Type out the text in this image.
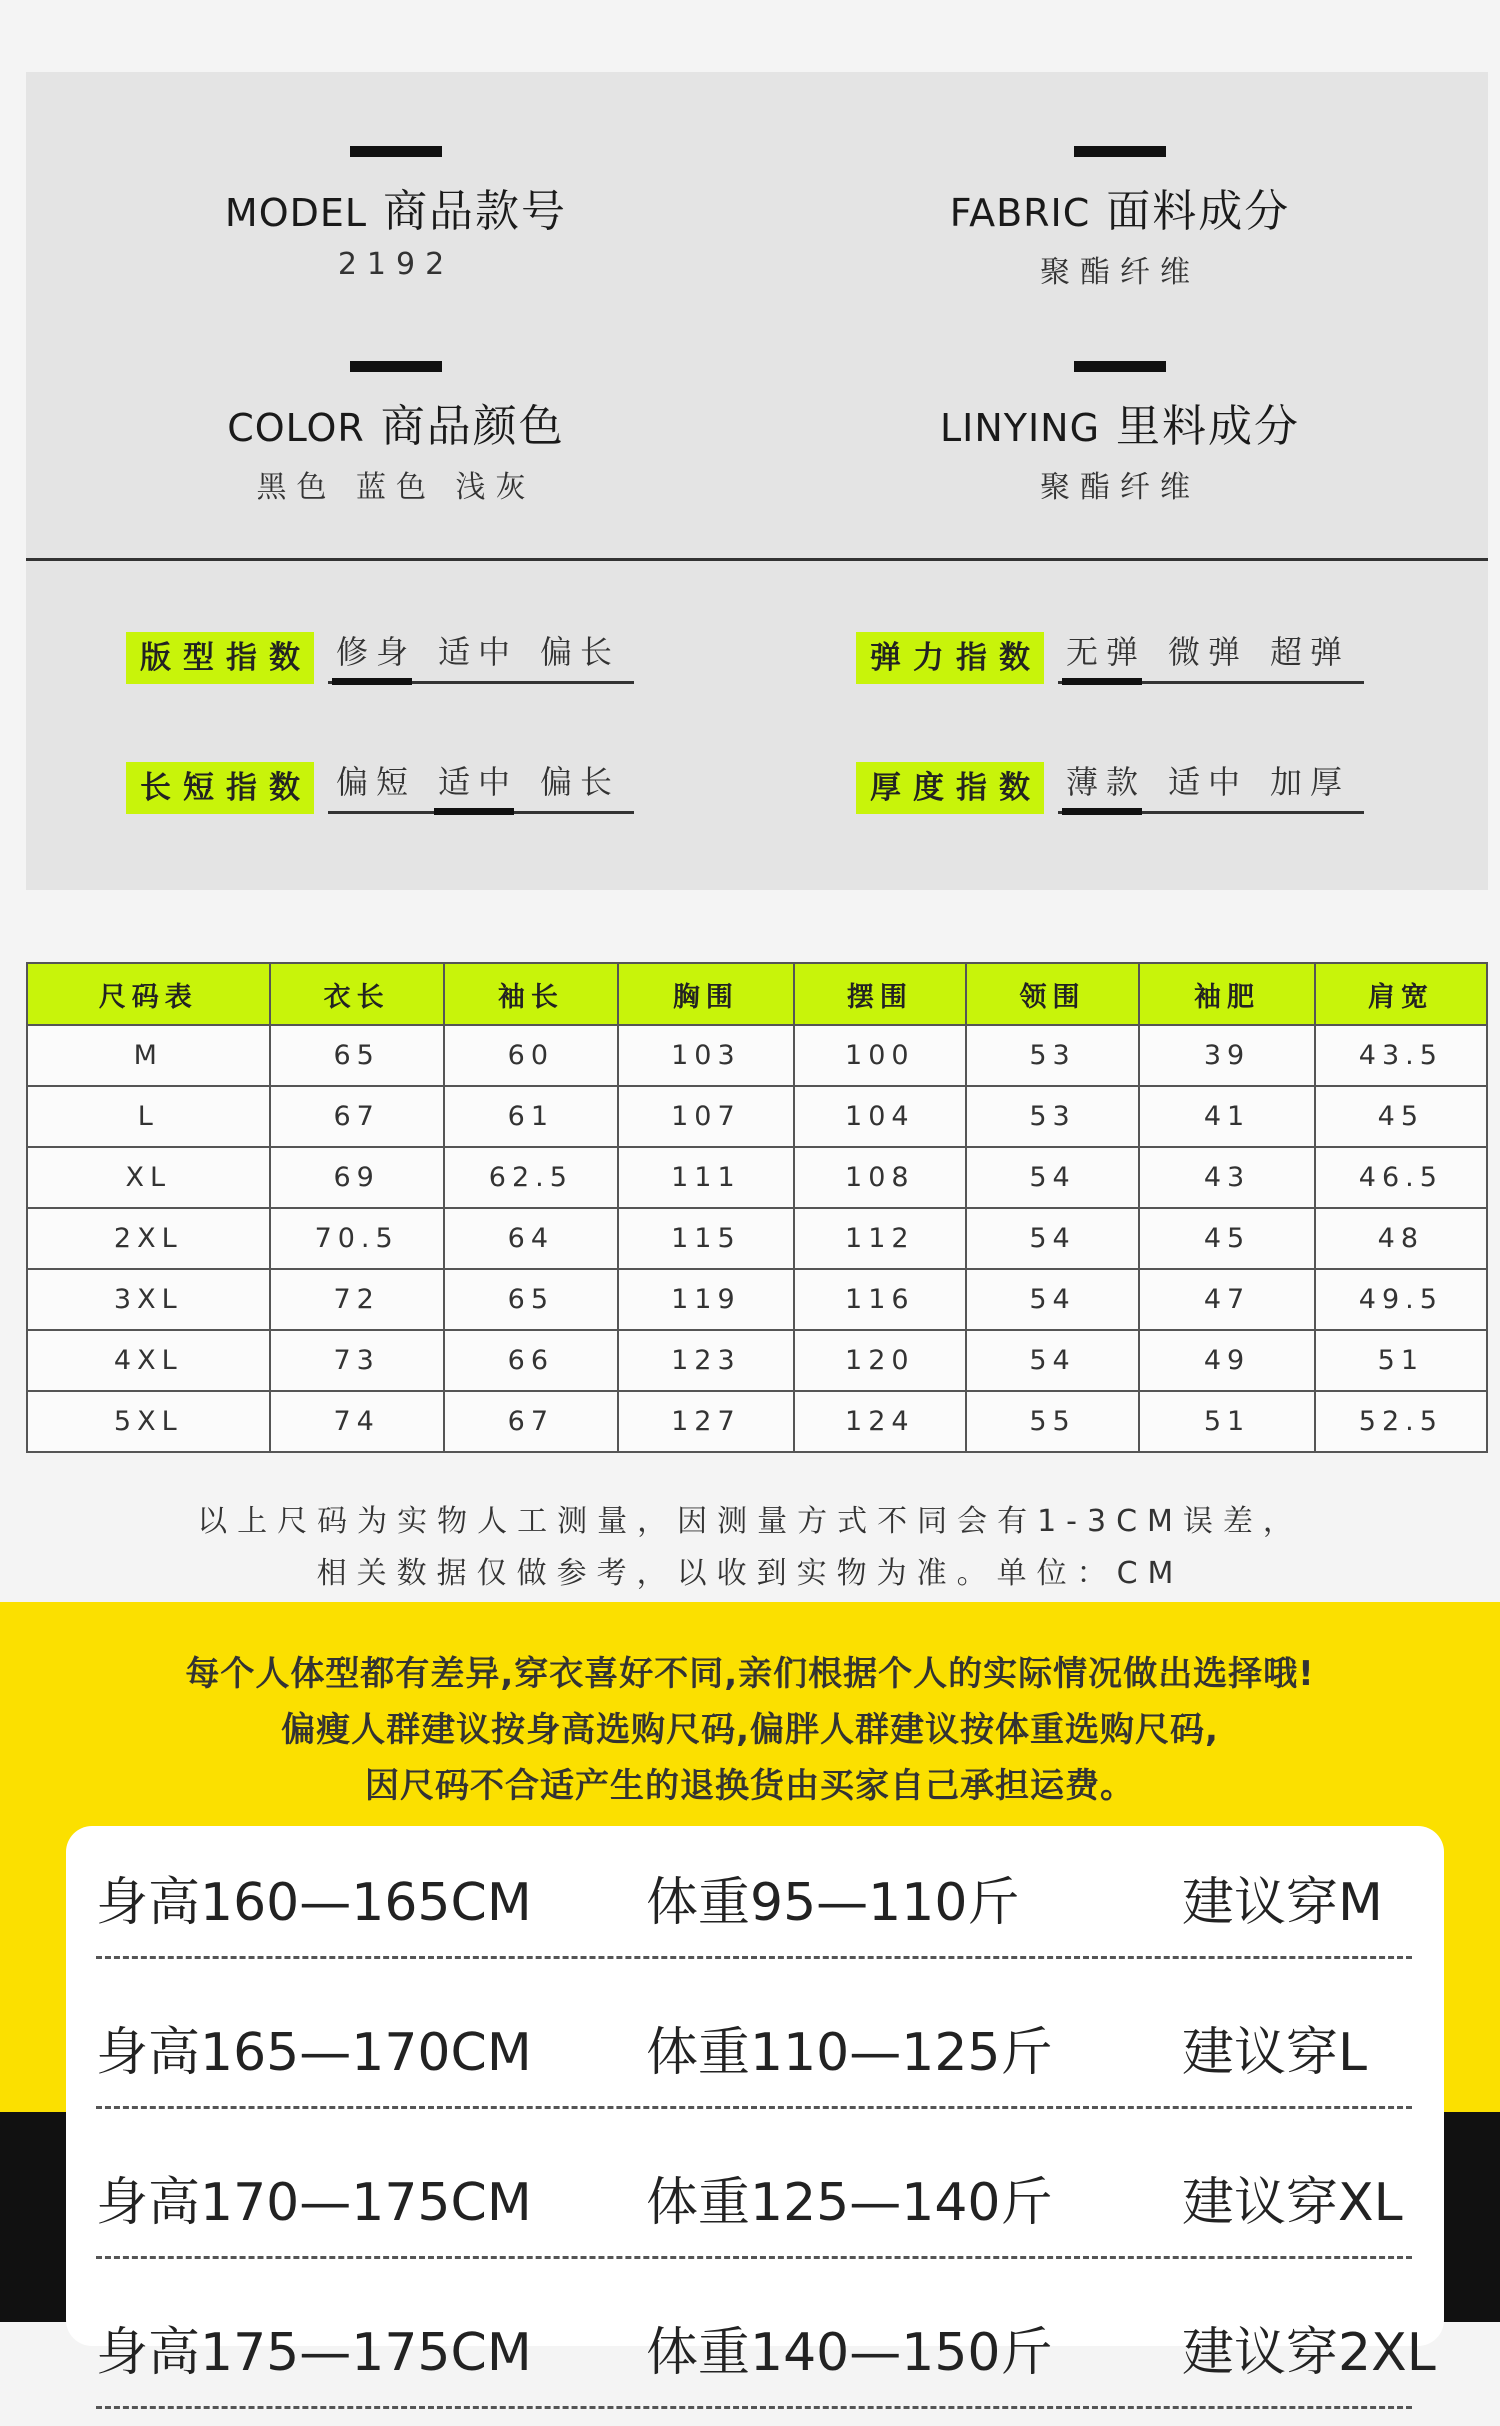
MODEL 商品款号
2192
FABRIC 面料成分
聚酯纤维
COLOR 商品颜色
黑色 蓝色 浅灰
LINYING 里料成分
聚酯纤维
版型指数 修身 适中 偏长	弹力指数 无弹 微弹 超弹
长短指数 偏短 适中 偏长	厚度指数 薄款 适中 加厚
尺码表	衣长	袖长	胸围	摆围	领围	袖肥	肩宽
M	65	60	103	100	53	39	43.5
L	67	61	107	104	53	41	45
XL	69	62.5	111	108	54	43	46.5
2XL	70.5	64	115	112	54	45	48
3XL	72	65	119	116	54	47	49.5
4XL	73	66	123	120	54	49	51
5XL	74	67	127	124	55	51	52.5
以上尺码为实物人工测量，因测量方式不同会有1-3CM误差，
相关数据仅做参考，以收到实物为准。单位：CM
每个人体型都有差异,穿衣喜好不同,亲们根据个人的实际情况做出选择哦!
偏瘦人群建议按身高选购尺码,偏胖人群建议按体重选购尺码,
因尺码不合适产生的退换货由买家自己承担运费。
身高160—165CM 体重95—110斤	建议穿M
身高165—170CM 体重110—125斤 建议穿L
身高170—175CM 体重125—140斤 建议穿XL
身高175—175CM 体重140—150斤 建议穿2XL
